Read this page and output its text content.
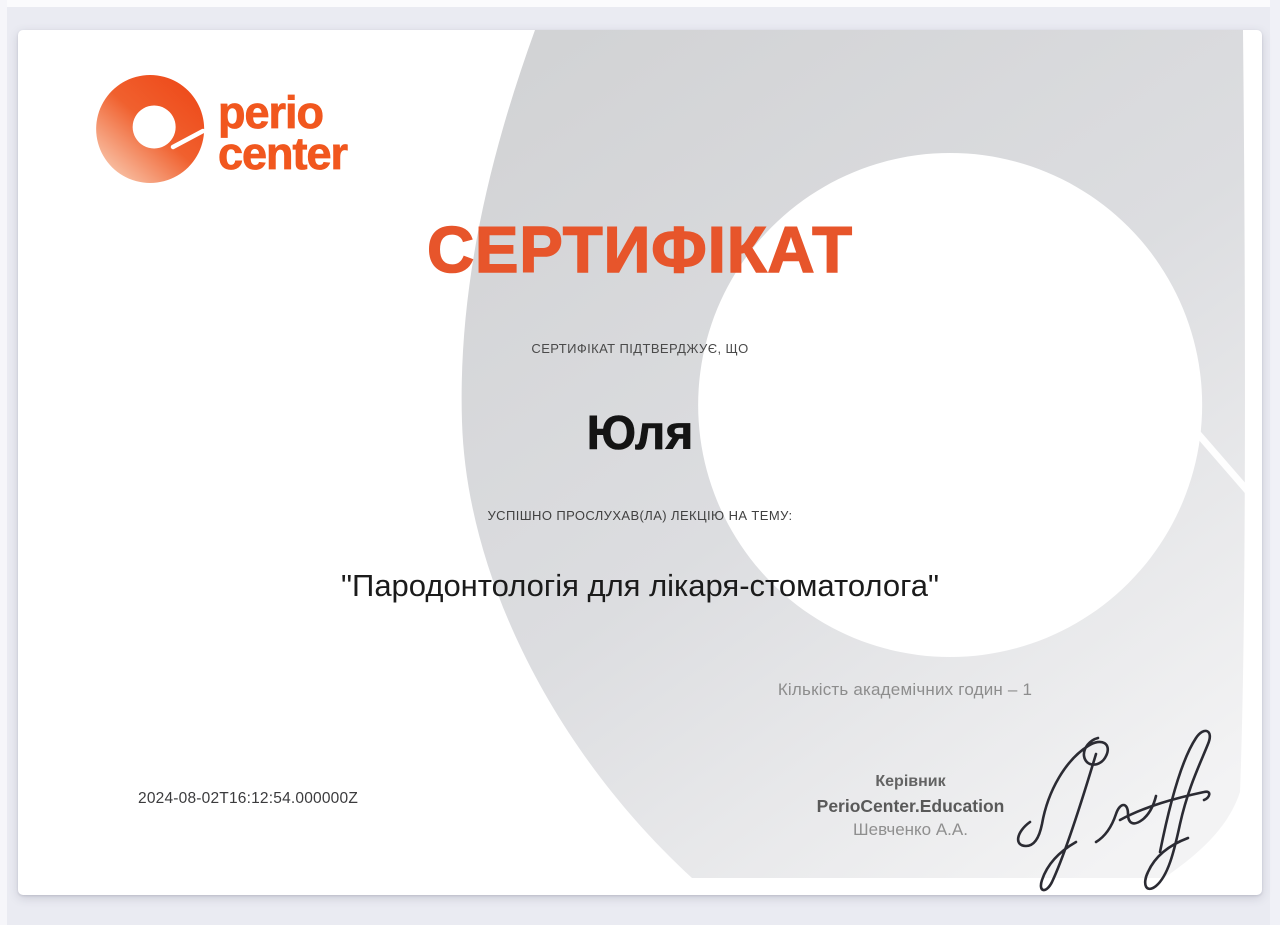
perio
center
СЕРТИФІКАТ
СЕРТИФІКАТ ПІДТВЕРДЖУЄ, ЩО
Юля
УСПІШНО ПРОСЛУХАВ(ЛА) ЛЕКЦІЮ НА ТЕМУ:
"Пародонтологія для лікаря-стоматолога"
Кількість академічних годин – 1
Керівник
PerioCenter.Education
Шевченко А.А.
2024-08-02T16:12:54.000000Z
